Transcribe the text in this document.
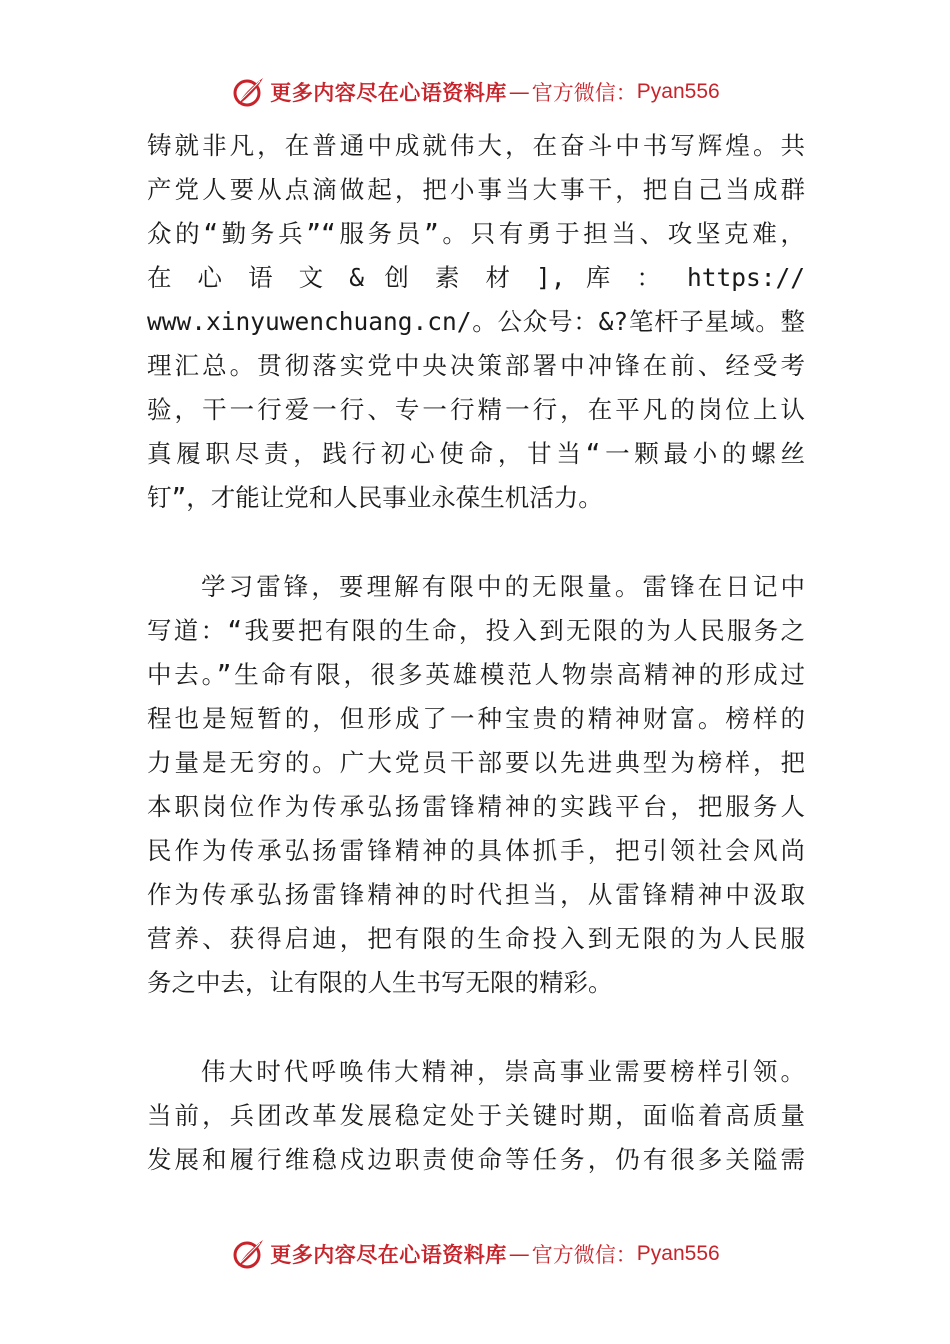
更多内容尽在心语资料库 — 官方微信： Pyan556
铸就非凡，在普通中成就伟大，在奋斗中书写辉煌。共
产党人要从点滴做起，把小事当大事干，把自己当成群
众的“勤务兵”“服务员”。只有勇于担当、攻坚克难，
在 心 语 文 & 创 素 材 ], 库 ： https://
www.xinyuwenchuang.cn/。公众号：&?笔杆子星域。整
理汇总。贯彻落实党中央决策部署中冲锋在前、经受考
验，干一行爱一行、专一行精一行，在平凡的岗位上认
真履职尽责，践行初心使命，甘当“一颗最小的螺丝
钉”，才能让党和人民事业永葆生机活力。
学习雷锋，要理解有限中的无限量。雷锋在日记中
写道：“我要把有限的生命，投入到无限的为人民服务之
中去。”生命有限，很多英雄模范人物崇高精神的形成过
程也是短暂的，但形成了一种宝贵的精神财富。榜样的
力量是无穷的。广大党员干部要以先进典型为榜样，把
本职岗位作为传承弘扬雷锋精神的实践平台，把服务人
民作为传承弘扬雷锋精神的具体抓手，把引领社会风尚
作为传承弘扬雷锋精神的时代担当，从雷锋精神中汲取
营养、获得启迪，把有限的生命投入到无限的为人民服
务之中去，让有限的人生书写无限的精彩。
伟大时代呼唤伟大精神，崇高事业需要榜样引领。
当前，兵团改革发展稳定处于关键时期，面临着高质量
发展和履行维稳戍边职责使命等任务，仍有很多关隘需
更多内容尽在心语资料库 — 官方微信： Pyan556
